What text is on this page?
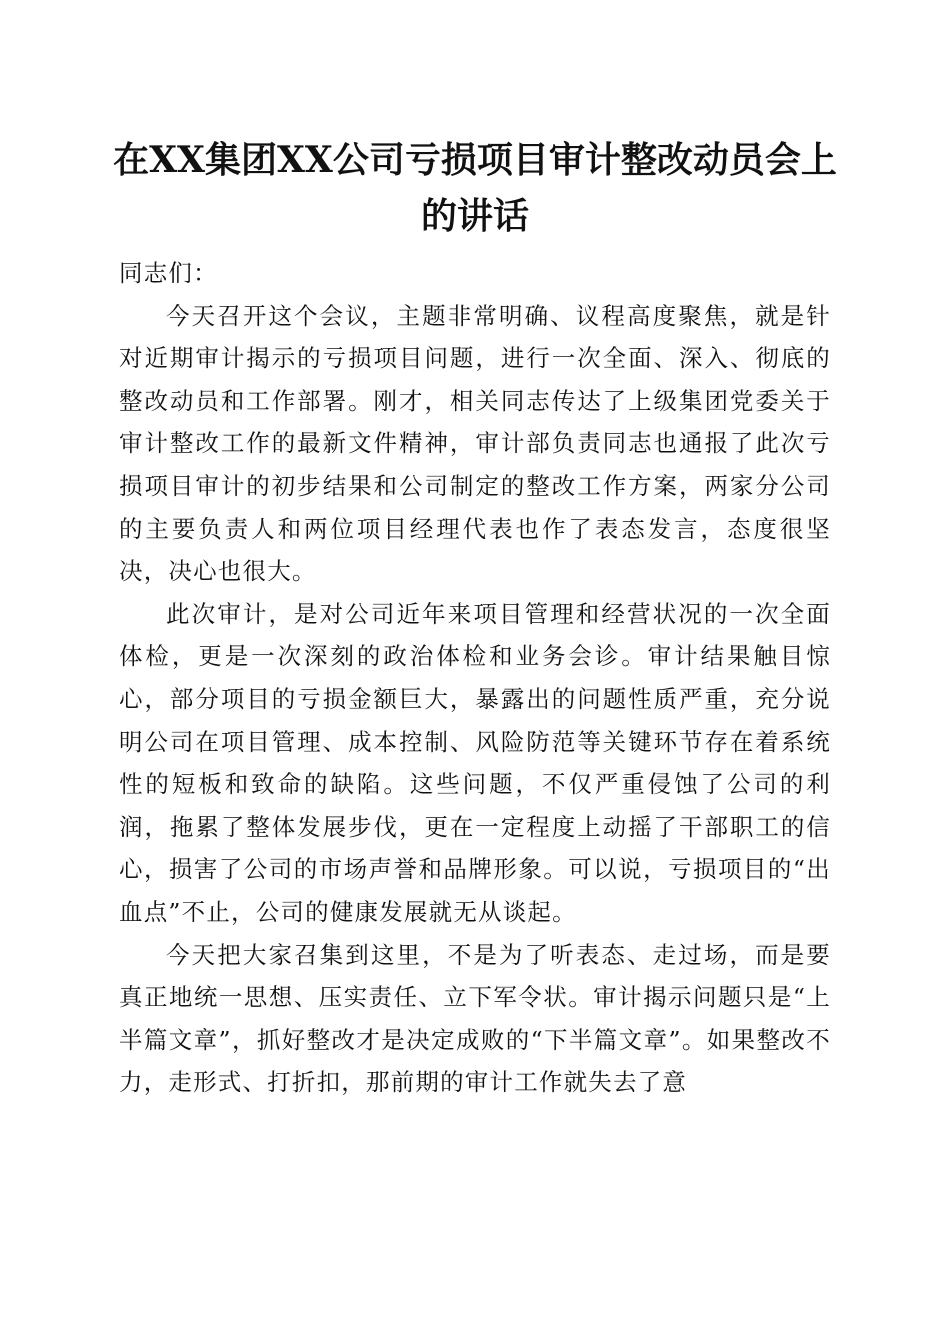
在XX集团XX公司亏损项目审计整改动员会上的讲话

同志们：

今天召开这个会议，主题非常明确、议程高度聚焦，就是针对近期审计揭示的亏损项目问题，进行一次全面、深入、彻底的整改动员和工作部署。刚才，相关同志传达了上级集团党委关于审计整改工作的最新文件精神，审计部负责同志也通报了此次亏损项目审计的初步结果和公司制定的整改工作方案，两家分公司的主要负责人和两位项目经理代表也作了表态发言，态度很坚决，决心也很大。

此次审计，是对公司近年来项目管理和经营状况的一次全面体检，更是一次深刻的政治体检和业务会诊。审计结果触目惊心，部分项目的亏损金额巨大，暴露出的问题性质严重，充分说明公司在项目管理、成本控制、风险防范等关键环节存在着系统性的短板和致命的缺陷。这些问题，不仅严重侵蚀了公司的利润，拖累了整体发展步伐，更在一定程度上动摇了干部职工的信心，损害了公司的市场声誉和品牌形象。可以说，亏损项目的“出血点”不止，公司的健康发展就无从谈起。

今天把大家召集到这里，不是为了听表态、走过场，而是要真正地统一思想、压实责任、立下军令状。审计揭示问题只是“上半篇文章”，抓好整改才是决定成败的“下半篇文章”。如果整改不力，走形式、打折扣，那前期的审计工作就失去了意
